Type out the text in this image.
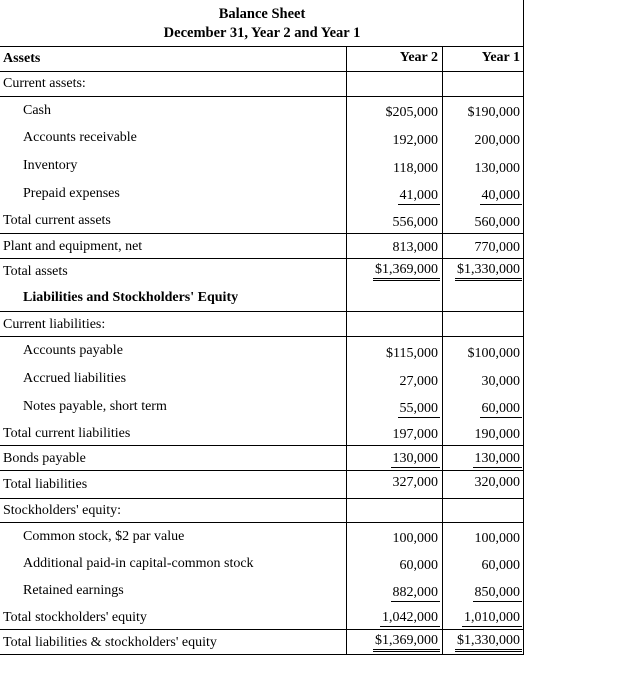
Balance Sheet
December 31, Year 2 and Year 1
Assets	Year 2	Year 1
Current assets:
Cash	$205,000 $190,000
Accounts receivable	192,000	200,000
Inventory	118,000	130,000
Prepaid expenses	41,000	40,000
Total current assets	556,000	560,000
Plant and equipment, net	813,000	770,000
Total assets	$1,369,000 $1,330,000
Liabilities and Stockholders' Equity
Current liabilities:
Accounts payable	$115,000 $100,000
Accrued liabilities	27,000	30,000
Notes payable, short term	55,000	60,000
Total current liabilities	197,000	190,000
Bonds payable	130,000	130,000
Total liabilities	327,000	320,000
Stockholders' equity:
Common stock, $2 par value	100,000	100,000
Additional paid-in capital-common stock	60,000	60,000
Retained earnings	882,000	850,000
Total stockholders' equity	1,042,000 1,010,000
Total liabilities & stockholders' equity	$1,369,000 $1,330,000
